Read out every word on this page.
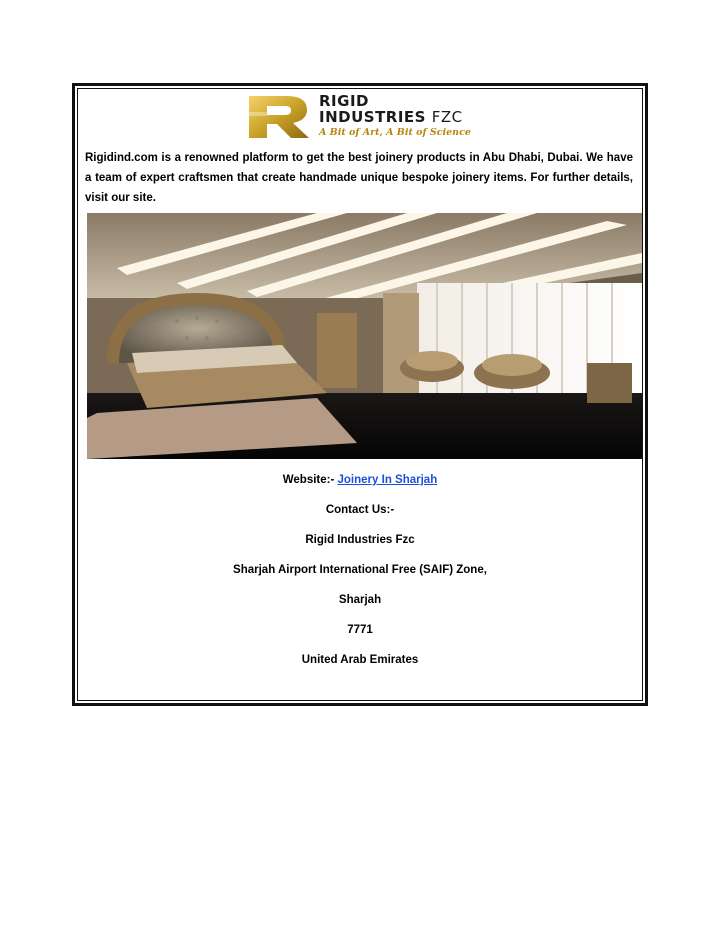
RIGID
INDUSTRIES FZC
A Bit of Art, A Bit of Science

Rigidind.com is a renowned platform to get the best joinery products in Abu Dhabi, Dubai. We have a team of expert craftsmen that create handmade unique bespoke joinery items. For further details, visit our site.

Website:- Joinery In Sharjah
Contact Us:-
Rigid Industries Fzc
Sharjah Airport International Free (SAIF) Zone,
Sharjah
7771
United Arab Emirates
